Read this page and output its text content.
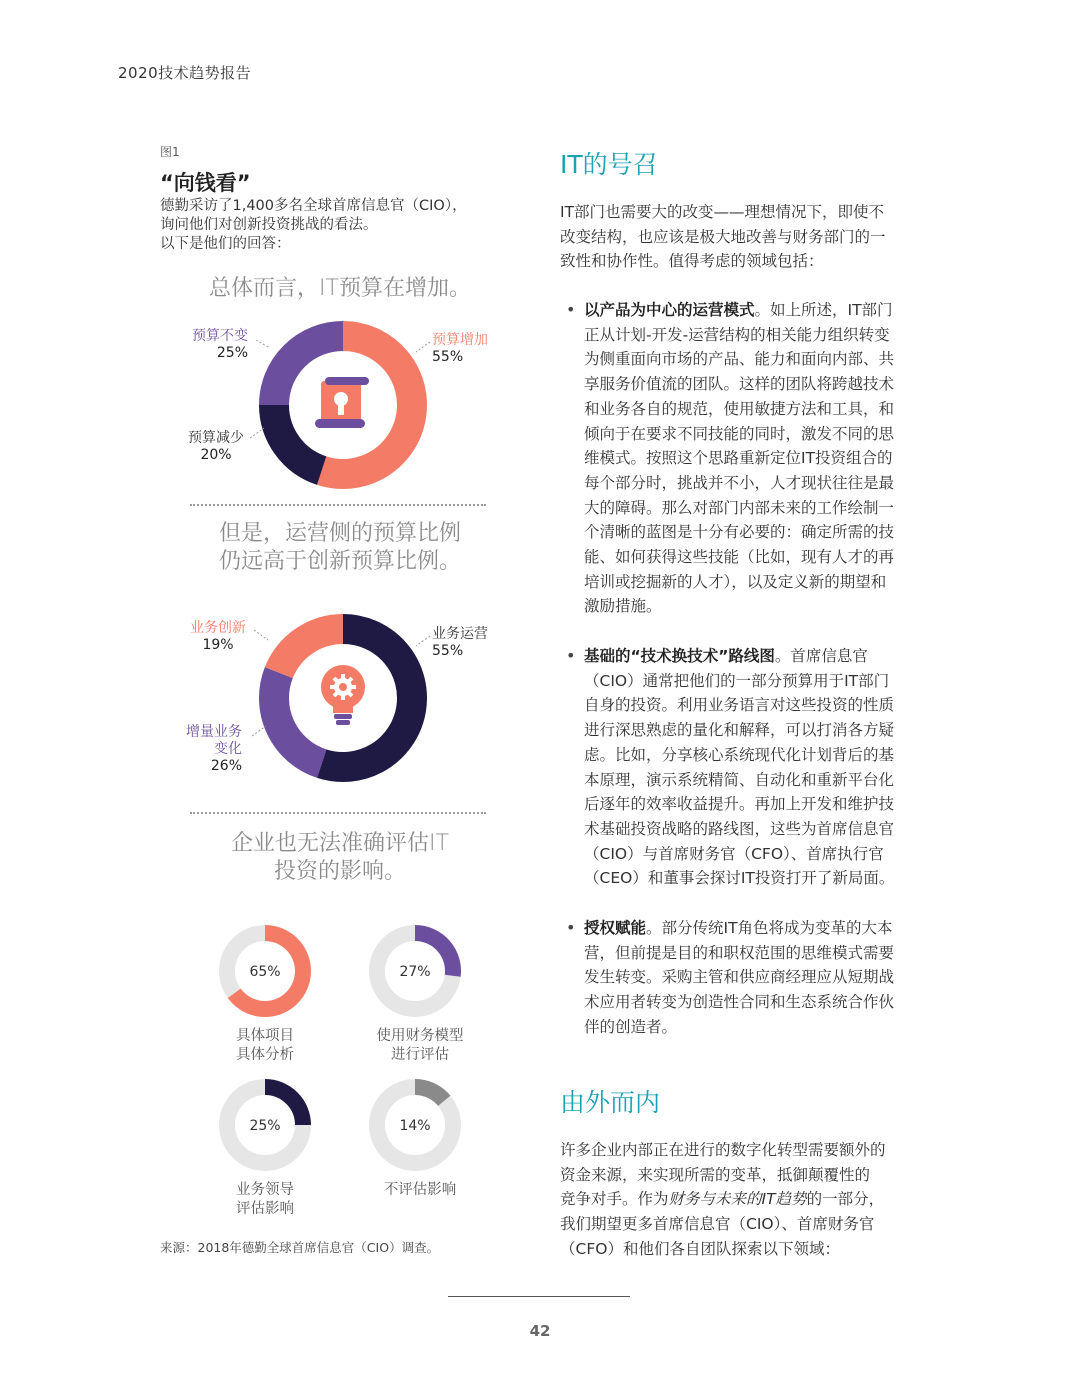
2020技术趋势报告
图1
“向钱看”
德勤采访了1,400多名全球首席信息官（CIO），
询问他们对创新投资挑战的看法。
以下是他们的回答：
总体而言，IT预算在增加。
预算不变
25%
预算增加
55%
预算减少
20%
但是，运营侧的预算比例
仍远高于创新预算比例。
业务创新
19%
业务运营
55%
增量业务
变化
26%
企业也无法准确评估IT
投资的影响。
65%
具体项目
具体分析
27%
使用财务模型
进行评估
25%
业务领导
评估影响
14%
不评估影响
来源：2018年德勤全球首席信息官（CIO）调查。
IT的号召
IT部门也需要大的改变——理想情况下，即使不
改变结构，也应该是极大地改善与财务部门的一
致性和协作性。值得考虑的领域包括：
• 以产品为中心的运营模式。如上所述，IT部门
正从计划-开发-运营结构的相关能力组织转变
为侧重面向市场的产品、能力和面向内部、共
享服务价值流的团队。这样的团队将跨越技术
和业务各自的规范，使用敏捷方法和工具，和
倾向于在要求不同技能的同时，激发不同的思
维模式。按照这个思路重新定位IT投资组合的
每个部分时，挑战并不小，人才现状往往是最
大的障碍。那么对部门内部未来的工作绘制一
个清晰的蓝图是十分有必要的：确定所需的技
能、如何获得这些技能（比如，现有人才的再
培训或挖掘新的人才），以及定义新的期望和
激励措施。
• 基础的“技术换技术”路线图。首席信息官
（CIO）通常把他们的一部分预算用于IT部门
自身的投资。利用业务语言对这些投资的性质
进行深思熟虑的量化和解释，可以打消各方疑
虑。比如，分享核心系统现代化计划背后的基
本原理，演示系统精简、自动化和重新平台化
后逐年的效率收益提升。再加上开发和维护技
术基础投资战略的路线图，这些为首席信息官
（CIO）与首席财务官（CFO）、首席执行官
（CEO）和董事会探讨IT投资打开了新局面。
• 授权赋能。部分传统IT角色将成为变革的大本
营，但前提是目的和职权范围的思维模式需要
发生转变。采购主管和供应商经理应从短期战
术应用者转变为创造性合同和生态系统合作伙
伴的创造者。
由外而内
许多企业内部正在进行的数字化转型需要额外的
资金来源，来实现所需的变革，抵御颠覆性的
竞争对手。作为财务与未来的IT趋势的一部分，
我们期望更多首席信息官（CIO）、首席财务官
（CFO）和他们各自团队探索以下领域：
42
